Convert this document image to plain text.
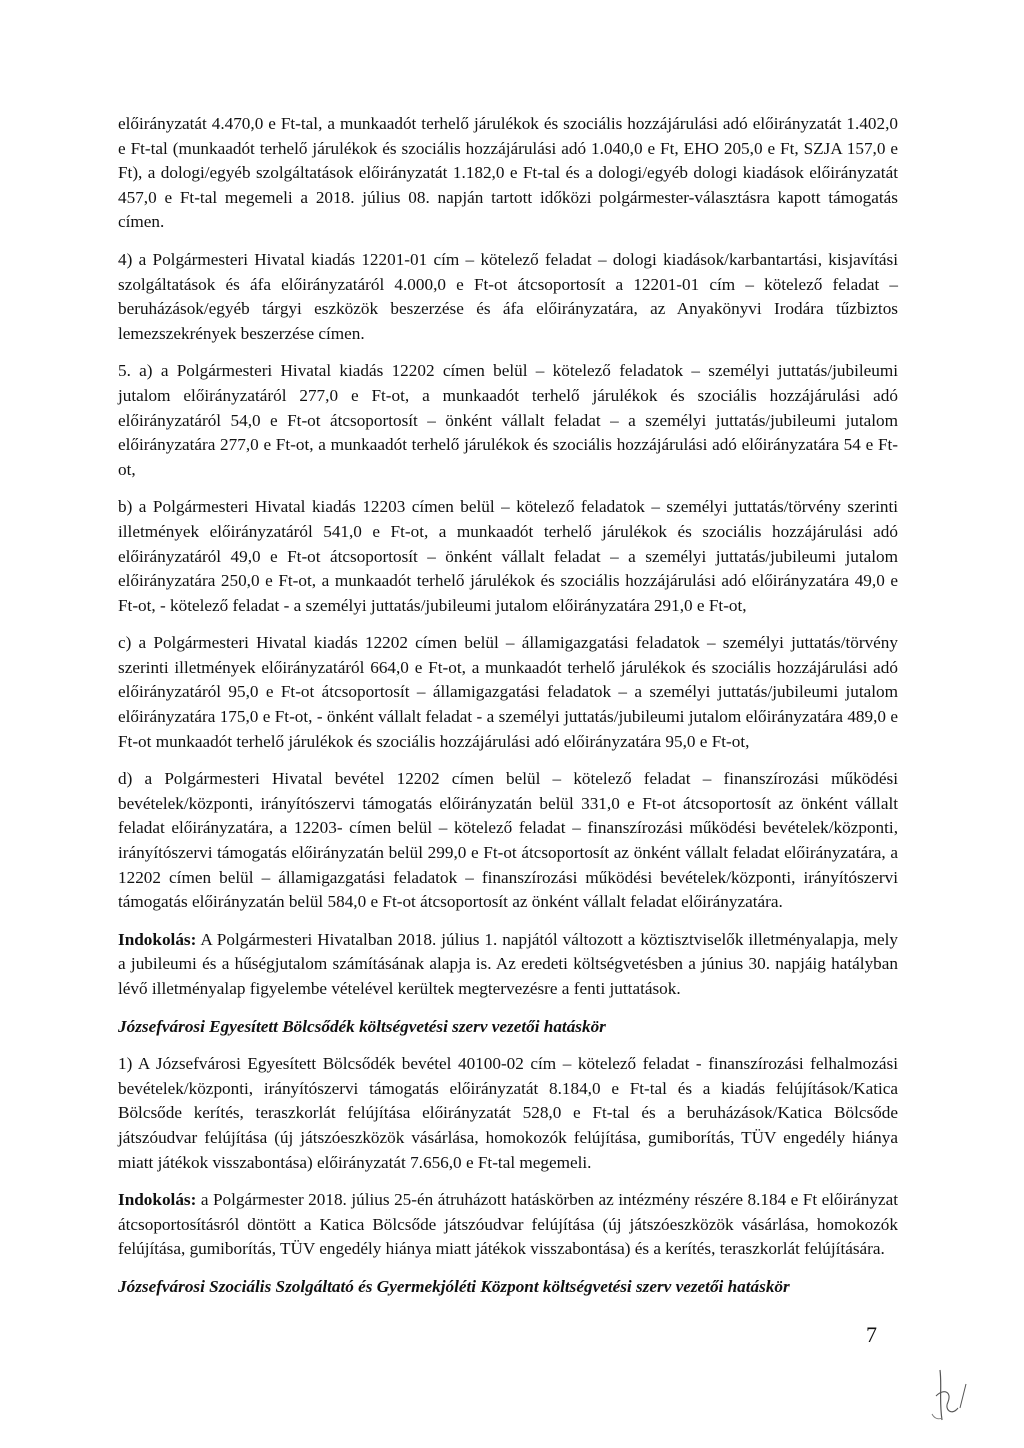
előirányzatát 4.470,0 e Ft-tal, a munkaadót terhelő járulékok és szociális hozzájárulási adó előirányzatát 1.402,0 e Ft-tal (munkaadót terhelő járulékok és szociális hozzájárulási adó 1.040,0 e Ft, EHO 205,0 e Ft, SZJA 157,0 e Ft), a dologi/egyéb szolgáltatások előirányzatát 1.182,0 e Ft-tal és a dologi/egyéb dologi kiadások előirányzatát 457,0 e Ft-tal megemeli a 2018. július 08. napján tartott időközi polgármester-választásra kapott támogatás címen.

4) a Polgármesteri Hivatal kiadás 12201-01 cím – kötelező feladat – dologi kiadások/karbantartási, kisjavítási szolgáltatások és áfa előirányzatáról 4.000,0 e Ft-ot átcsoportosít a 12201-01 cím – kötelező feladat – beruházások/egyéb tárgyi eszközök beszerzése és áfa előirányzatára, az Anyakönyvi Irodára tűzbiztos lemezszekrények beszerzése címen.

5. a) a Polgármesteri Hivatal kiadás 12202 címen belül – kötelező feladatok – személyi juttatás/jubileumi jutalom előirányzatáról 277,0 e Ft-ot, a munkaadót terhelő járulékok és szociális hozzájárulási adó előirányzatáról 54,0 e Ft-ot átcsoportosít – önként vállalt feladat – a személyi juttatás/jubileumi jutalom előirányzatára 277,0 e Ft-ot, a munkaadót terhelő járulékok és szociális hozzájárulási adó előirányzatára 54 e Ft-ot,

b) a Polgármesteri Hivatal kiadás 12203 címen belül – kötelező feladatok – személyi juttatás/törvény szerinti illetmények előirányzatáról 541,0 e Ft-ot, a munkaadót terhelő járulékok és szociális hozzájárulási adó előirányzatáról 49,0 e Ft-ot átcsoportosít – önként vállalt feladat – a személyi juttatás/jubileumi jutalom előirányzatára 250,0 e Ft-ot, a munkaadót terhelő járulékok és szociális hozzájárulási adó előirányzatára 49,0 e Ft-ot, - kötelező feladat - a személyi juttatás/jubileumi jutalom előirányzatára 291,0 e Ft-ot,

c) a Polgármesteri Hivatal kiadás 12202 címen belül – államigazgatási feladatok – személyi juttatás/törvény szerinti illetmények előirányzatáról 664,0 e Ft-ot, a munkaadót terhelő járulékok és szociális hozzájárulási adó előirányzatáról 95,0 e Ft-ot átcsoportosít – államigazgatási feladatok – a személyi juttatás/jubileumi jutalom előirányzatára 175,0 e Ft-ot, - önként vállalt feladat - a személyi juttatás/jubileumi jutalom előirányzatára 489,0 e Ft-ot munkaadót terhelő járulékok és szociális hozzájárulási adó előirányzatára 95,0 e Ft-ot,

d) a Polgármesteri Hivatal bevétel 12202 címen belül – kötelező feladat – finanszírozási működési bevételek/központi, irányítószervi támogatás előirányzatán belül 331,0 e Ft-ot átcsoportosít az önként vállalt feladat előirányzatára, a 12203- címen belül – kötelező feladat – finanszírozási működési bevételek/központi, irányítószervi támogatás előirányzatán belül 299,0 e Ft-ot átcsoportosít az önként vállalt feladat előirányzatára, a 12202 címen belül – államigazgatási feladatok – finanszírozási működési bevételek/központi, irányítószervi támogatás előirányzatán belül 584,0 e Ft-ot átcsoportosít az önként vállalt feladat előirányzatára.

Indokolás: A Polgármesteri Hivatalban 2018. július 1. napjától változott a köztisztviselők illetményalapja, mely a jubileumi és a hűségjutalom számításának alapja is. Az eredeti költségvetésben a június 30. napjáig hatályban lévő illetményalap figyelembe vételével kerültek megtervezésre a fenti juttatások.

Józsefvárosi Egyesített Bölcsődék költségvetési szerv vezetői hatáskör

1) A Józsefvárosi Egyesített Bölcsődék bevétel 40100-02 cím – kötelező feladat - finanszírozási felhalmozási bevételek/központi, irányítószervi támogatás előirányzatát 8.184,0 e Ft-tal és a kiadás felújítások/Katica Bölcsőde kerítés, teraszkorlát felújítása előirányzatát 528,0 e Ft-tal és a beruházások/Katica Bölcsőde játszóudvar felújítása (új játszóeszközök vásárlása, homokozók felújítása, gumiborítás, TÜV engedély hiánya miatt játékok visszabontása) előirányzatát 7.656,0 e Ft-tal megemeli.

Indokolás: a Polgármester 2018. július 25-én átruházott hatáskörben az intézmény részére 8.184 e Ft előirányzat átcsoportosításról döntött a Katica Bölcsőde játszóudvar felújítása (új játszóeszközök vásárlása, homokozók felújítása, gumiborítás, TÜV engedély hiánya miatt játékok visszabontása) és a kerítés, teraszkorlát felújítására.

Józsefvárosi Szociális Szolgáltató és Gyermekjóléti Központ költségvetési szerv vezetői hatáskör

7
